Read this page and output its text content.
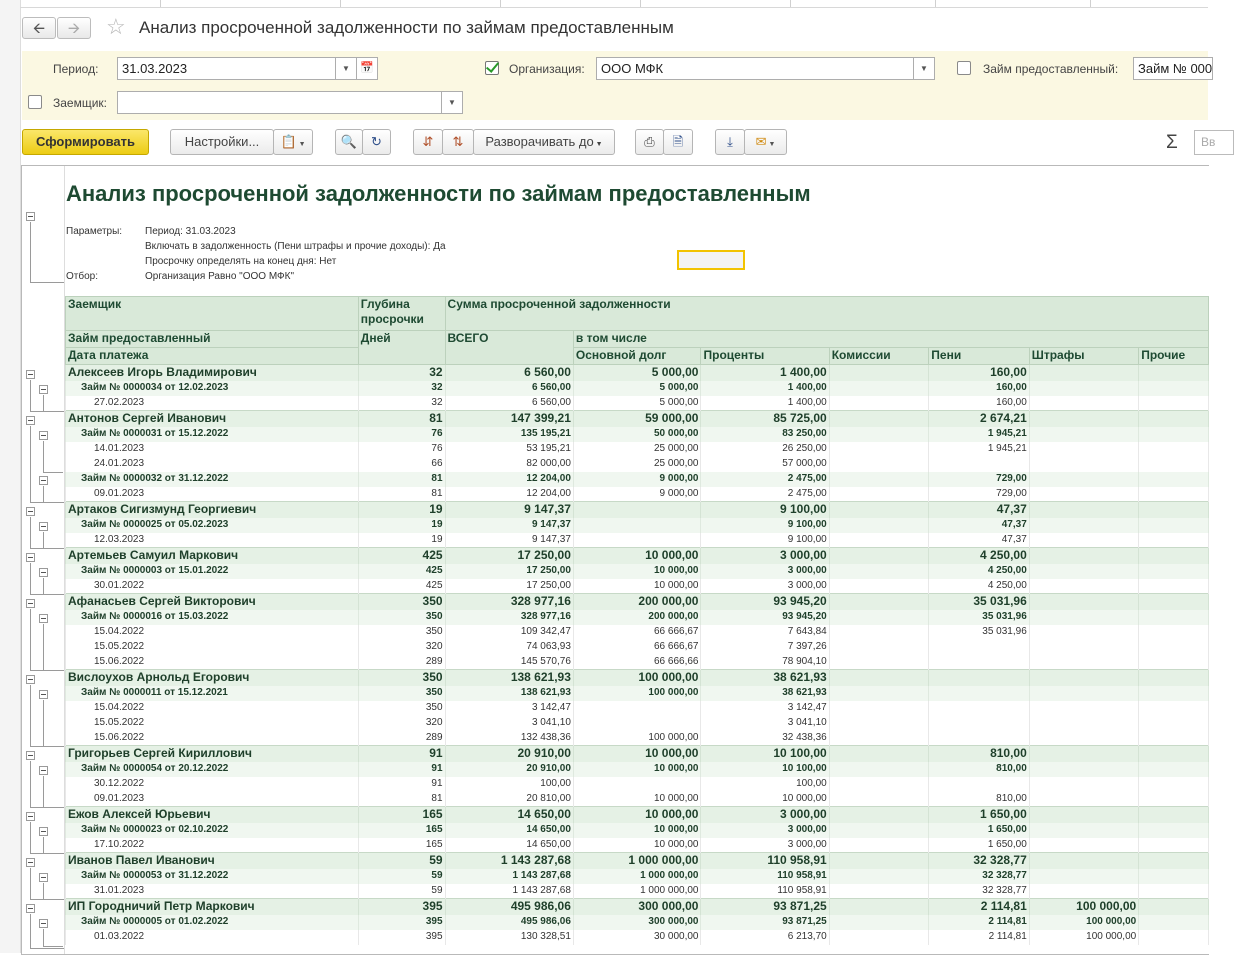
🡨	🡪	☆ Анализ просроченной задолженности по займам предоставленным
Период:	31.03.2023	▼ 📅	Организация:	ООО МФК	▼	Займ предоставленный:	Займ № 000
Заемщик:	▼
Сформировать	Настройки...	📋 ▼	🔍	↻	⇵	⇅	Разворачивать до ▼	⎙	🗎	⤓	✉ ▼	Σ	Вв
Анализ просроченной задолженности по займам предоставленным
Параметры: Период: 31.03.2023
Включать в задолженность (Пени штрафы и прочие доходы): Да
Просрочку определять на конец дня: Нет
Отбор:	Организация Равно "ООО МФК"
Заемщик	Глубина просрочки	Сумма просроченной задолженности						
Займ предоставленный	Дней	ВСЕГО	в том числе					
Дата платежа			Основной долг	Проценты	Комиссии	Пени	Штрафы	Прочие
Алексеев Игорь Владимирович	32	6 560,00	5 000,00	1 400,00		160,00		
Займ № 0000034 от 12.02.2023	32	6 560,00	5 000,00	1 400,00		160,00		
27.02.2023	32	6 560,00	5 000,00	1 400,00		160,00		
Антонов Сергей Иванович	81	147 399,21	59 000,00	85 725,00		2 674,21		
Займ № 0000031 от 15.12.2022	76	135 195,21	50 000,00	83 250,00		1 945,21		
14.01.2023	76	53 195,21	25 000,00	26 250,00		1 945,21		
24.01.2023	66	82 000,00	25 000,00	57 000,00				
Займ № 0000032 от 31.12.2022	81	12 204,00	9 000,00	2 475,00		729,00		
09.01.2023	81	12 204,00	9 000,00	2 475,00		729,00		
Артаков Сигизмунд Георгиевич	19	9 147,37		9 100,00		47,37		
Займ № 0000025 от 05.02.2023	19	9 147,37		9 100,00		47,37		
12.03.2023	19	9 147,37		9 100,00		47,37		
Артемьев Самуил Маркович	425	17 250,00	10 000,00	3 000,00		4 250,00		
Займ № 0000003 от 15.01.2022	425	17 250,00	10 000,00	3 000,00		4 250,00		
30.01.2022	425	17 250,00	10 000,00	3 000,00		4 250,00		
Афанасьев Сергей Викторович	350	328 977,16	200 000,00	93 945,20		35 031,96		
Займ № 0000016 от 15.03.2022	350	328 977,16	200 000,00	93 945,20		35 031,96		
15.04.2022	350	109 342,47	66 666,67	7 643,84		35 031,96		
15.05.2022	320	74 063,93	66 666,67	7 397,26				
15.06.2022	289	145 570,76	66 666,66	78 904,10				
Вислоухов Арнольд Егорович	350	138 621,93	100 000,00	38 621,93				
Займ № 0000011 от 15.12.2021	350	138 621,93	100 000,00	38 621,93				
15.04.2022	350	3 142,47		3 142,47				
15.05.2022	320	3 041,10		3 041,10				
15.06.2022	289	132 438,36	100 000,00	32 438,36				
Григорьев Сергей Кириллович	91	20 910,00	10 000,00	10 100,00		810,00		
Займ № 0000054 от 20.12.2022	91	20 910,00	10 000,00	10 100,00		810,00		
30.12.2022	91	100,00		100,00				
09.01.2023	81	20 810,00	10 000,00	10 000,00		810,00		
Ежов Алексей Юрьевич	165	14 650,00	10 000,00	3 000,00		1 650,00		
Займ № 0000023 от 02.10.2022	165	14 650,00	10 000,00	3 000,00		1 650,00		
17.10.2022	165	14 650,00	10 000,00	3 000,00		1 650,00		
Иванов Павел Иванович	59	1 143 287,68	1 000 000,00	110 958,91		32 328,77		
Займ № 0000053 от 31.12.2022	59	1 143 287,68	1 000 000,00	110 958,91		32 328,77		
31.01.2023	59	1 143 287,68	1 000 000,00	110 958,91		32 328,77		
ИП Городничий Петр Маркович	395	495 986,06	300 000,00	93 871,25		2 114,81	100 000,00	
Займ № 0000005 от 01.02.2022	395	495 986,06	300 000,00	93 871,25		2 114,81	100 000,00	
01.03.2022	395	130 328,51	30 000,00	6 213,70		2 114,81	100 000,00	
